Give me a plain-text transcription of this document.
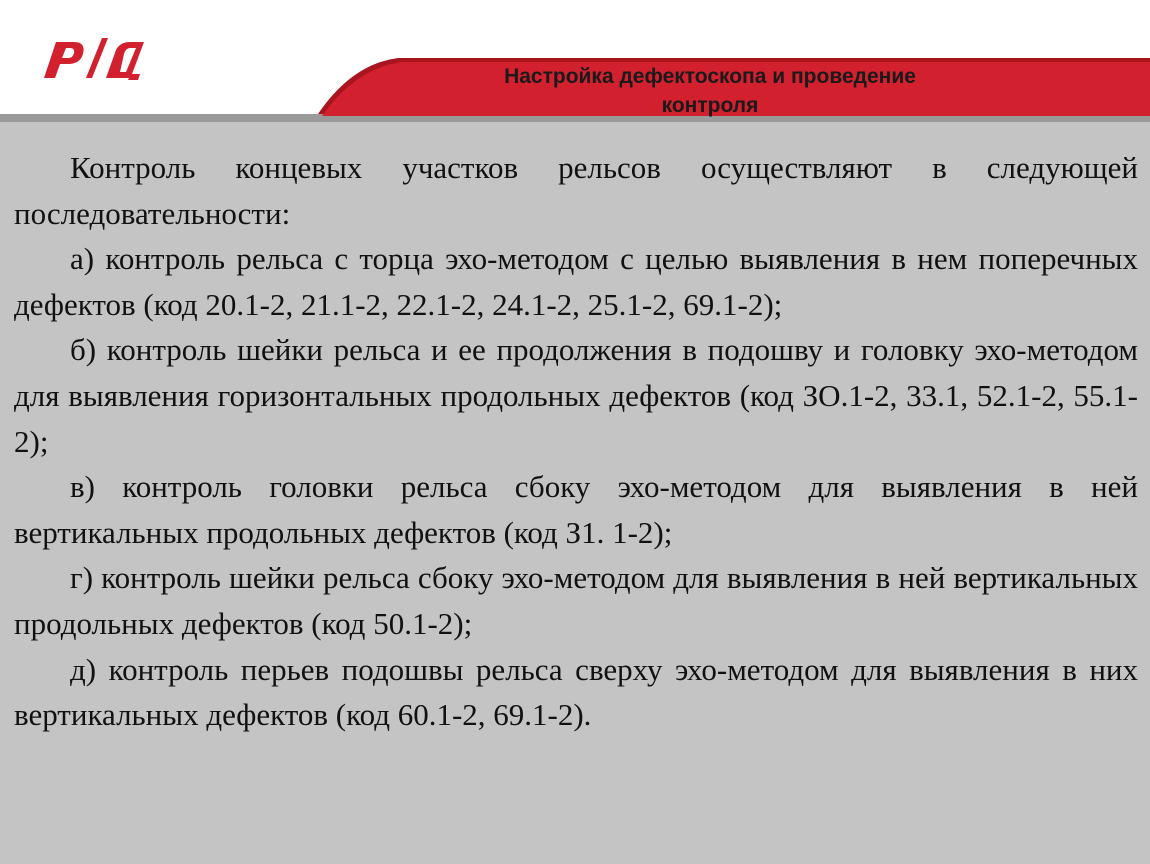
Настройка дефектоскопа и проведение
контроля

Контроль концевых участков рельсов осуществляют в следующей последовательности:

а) контроль рельса с торца эхо-методом с целью выявления в нем поперечных дефектов (код 20.1-2, 21.1-2, 22.1-2, 24.1-2, 25.1-2, 69.1-2);

б) контроль шейки рельса и ее продолжения в подошву и головку эхо-методом для выявления горизонтальных продольных дефектов (код ЗО.1-2, 33.1, 52.1-2, 55.1-2);

в) контроль головки рельса сбоку эхо-методом для выявления в ней вертикальных продольных дефектов (код З1. 1-2);

г) контроль шейки рельса сбоку эхо-методом для выявления в ней вертикальных продольных дефектов (код 50.1-2);

д) контроль перьев подошвы рельса сверху эхо-методом для выявления в них вертикальных дефектов (код 60.1-2, 69.1-2).
